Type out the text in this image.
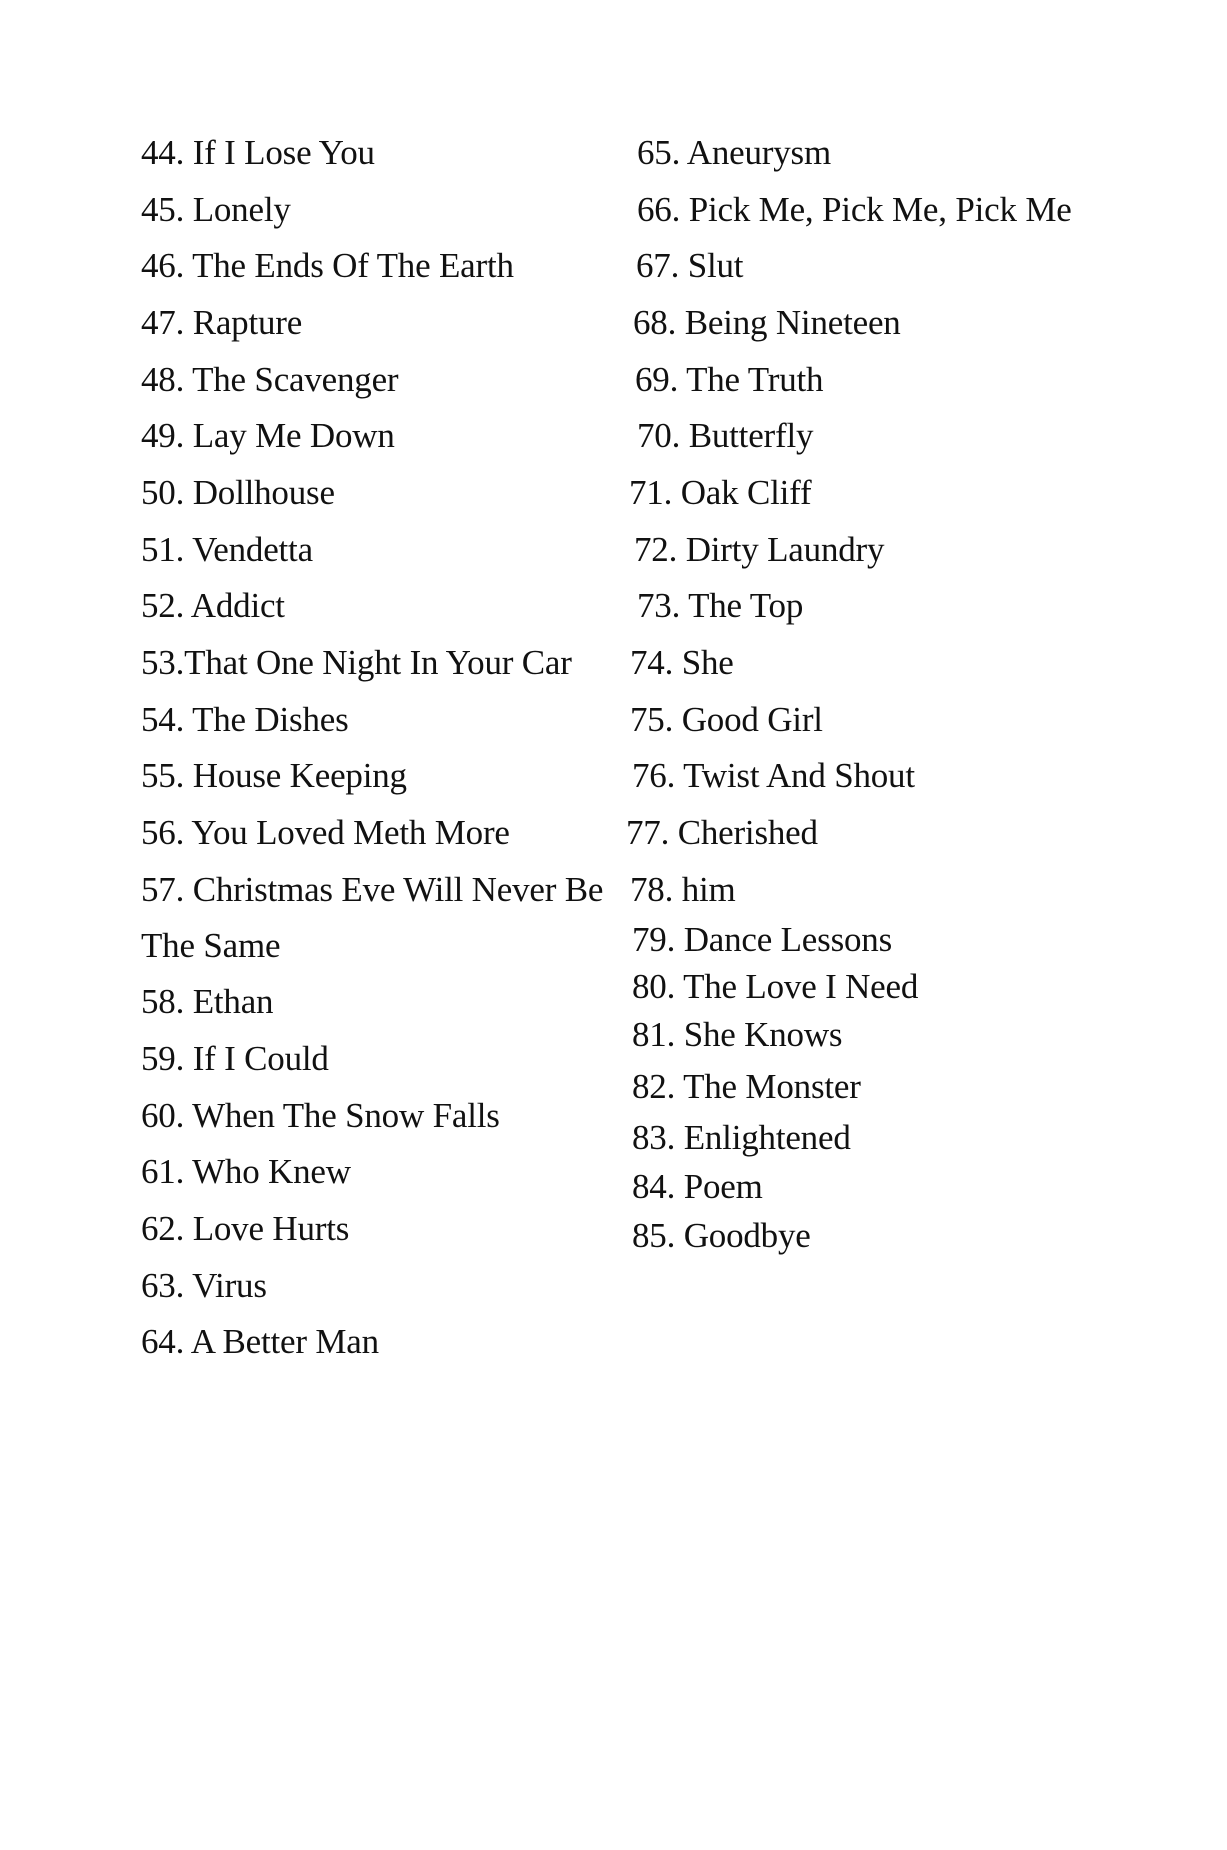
44. If I Lose You
45. Lonely
46. The Ends Of The Earth
47. Rapture
48. The Scavenger
49. Lay Me Down
50. Dollhouse
51. Vendetta
52. Addict
53.That One Night In Your Car
54. The Dishes
55. House Keeping
56. You Loved Meth More
57. Christmas Eve Will Never Be
The Same
58. Ethan
59. If I Could
60. When The Snow Falls
61. Who Knew
62. Love Hurts
63. Virus
64. A Better Man
65. Aneurysm
66. Pick Me, Pick Me, Pick Me
67. Slut
68. Being Nineteen
69. The Truth
70. Butterfly
71. Oak Cliff
72. Dirty Laundry
73. The Top
74. She
75. Good Girl
76. Twist And Shout
77. Cherished
78. him
79. Dance Lessons
80. The Love I Need
81. She Knows
82. The Monster
83. Enlightened
84. Poem
85. Goodbye
